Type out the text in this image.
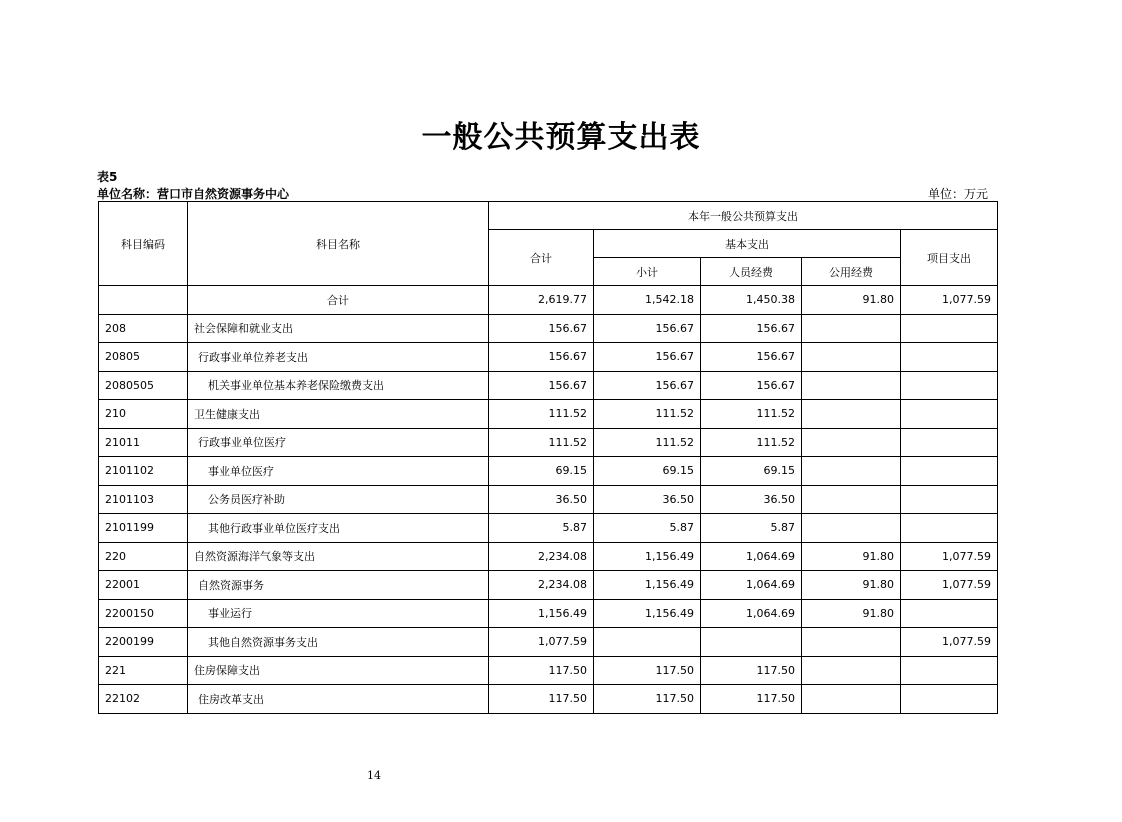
一般公共预算支出表
表5
单位名称：营口市自然资源事务中心	单位：万元
科目编码	科目名称	本年一般公共预算支出				
		合计	基本支出			项目支出
			小计	人员经费	公用经费	
	合计	2,619.77	1,542.18	1,450.38	91.80	1,077.59
208	社会保障和就业支出	156.67	156.67	156.67		
20805	行政事业单位养老支出	156.67	156.67	156.67		
2080505	机关事业单位基本养老保险缴费支出	156.67	156.67	156.67		
210	卫生健康支出	111.52	111.52	111.52		
21011	行政事业单位医疗	111.52	111.52	111.52		
2101102	事业单位医疗	69.15	69.15	69.15		
2101103	公务员医疗补助	36.50	36.50	36.50		
2101199	其他行政事业单位医疗支出	5.87	5.87	5.87		
220	自然资源海洋气象等支出	2,234.08	1,156.49	1,064.69	91.80	1,077.59
22001	自然资源事务	2,234.08	1,156.49	1,064.69	91.80	1,077.59
2200150	事业运行	1,156.49	1,156.49	1,064.69	91.80	
2200199	其他自然资源事务支出	1,077.59				1,077.59
221	住房保障支出	117.50	117.50	117.50		
22102	住房改革支出	117.50	117.50	117.50		
14
